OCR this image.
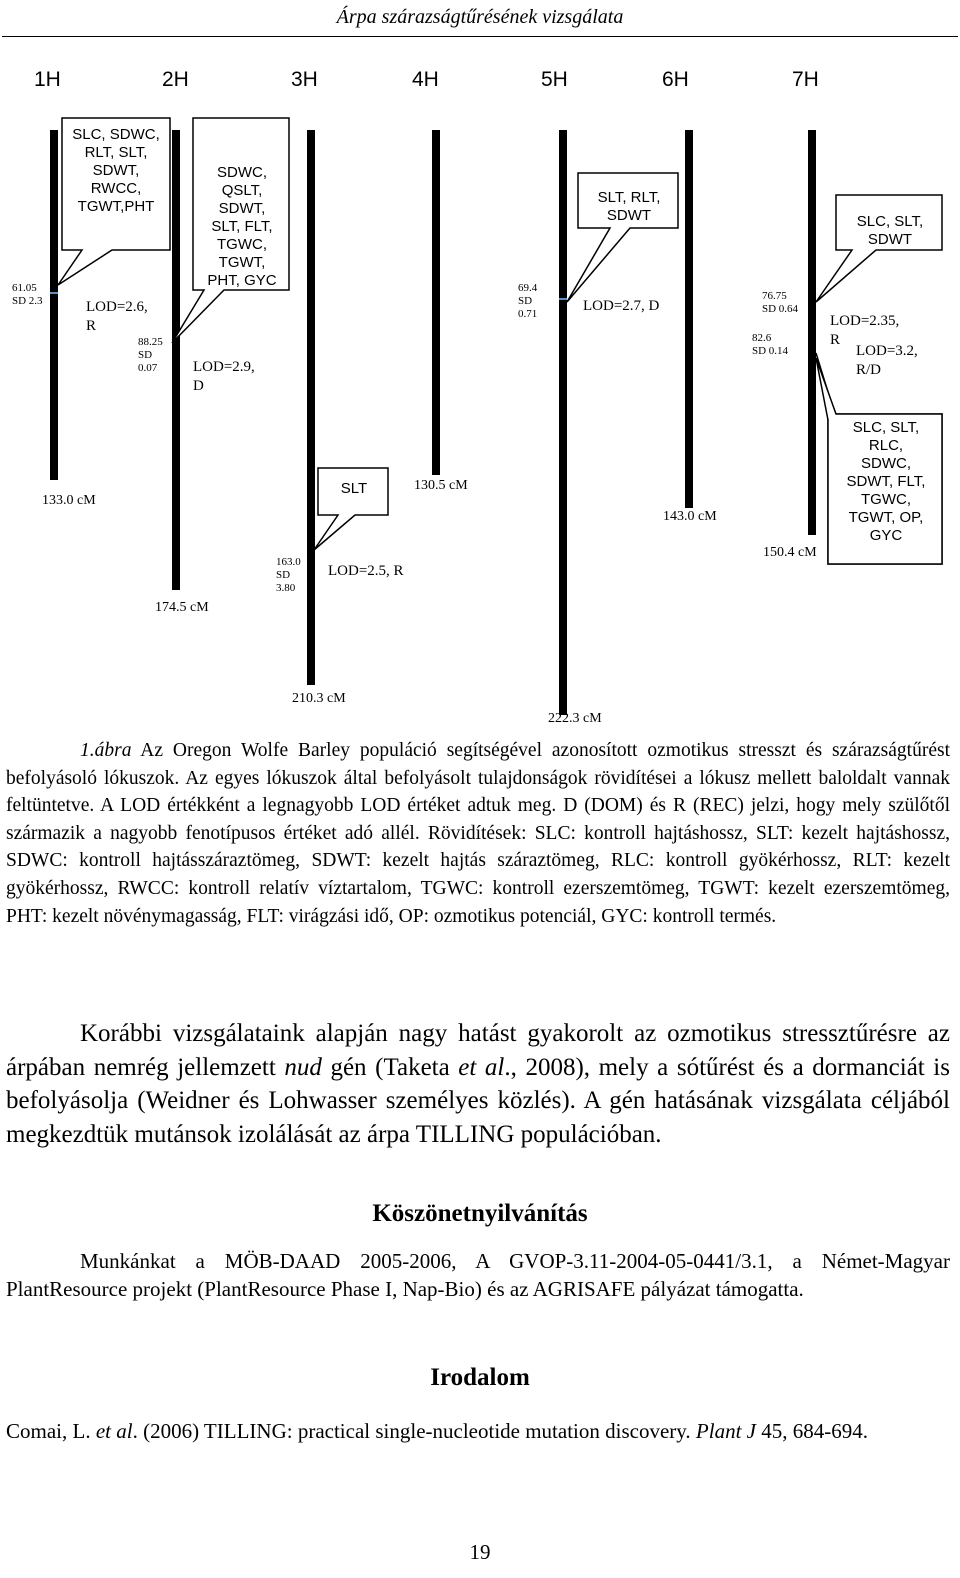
Árpa szárazságtűrésének vizsgálata
1H	2H	3H	4H	5H	6H	7H
SLC, SDWC,
RLT, SLT,
SDWT,
RWCC,
TGWT,PHT
SDWC,
QSLT,
SDWT,
SLT, FLT,
TGWC,
TGWT,
PHT, GYC
SLT
SLT, RLT,
SDWT	SLC, SLT,
SDWT
SLC, SLT,
RLC,
SDWC,
SDWT, FLT,
TGWC,
TGWT, OP,
GYC
LOD=2.6,
R
LOD=2.9,
D
LOD=2.5, R
LOD=2.7, D
LOD=2.35,
R
LOD=3.2,
R/D
61.05
SD 2.3
88.25
SD
0.07
163.0
SD
3.80
69.4
SD
0.71
76.75
SD 0.64
82.6
SD 0.14
133.0 cM
174.5 cM
210.3 cM
130.5 cM
222.3 cM
143.0 cM
150.4 cM
1.ábra Az Oregon Wolfe Barley populáció segítségével azonosított ozmotikus stresszt és szárazságtűrést befolyásoló lókuszok. Az egyes lókuszok által befolyásolt tulajdonságok rövidítései a lókusz mellett baloldalt vannak feltüntetve. A LOD értékként a legnagyobb LOD értéket adtuk meg. D (DOM) és R (REC) jelzi, hogy mely szülőtől származik a nagyobb fenotípusos értéket adó allél. Rövidítések: SLC: kontroll hajtáshossz, SLT: kezelt hajtáshossz, SDWC: kontroll hajtásszáraztömeg, SDWT: kezelt hajtás száraztömeg, RLC: kontroll gyökérhossz, RLT: kezelt gyökérhossz, RWCC: kontroll relatív víztartalom, TGWC: kontroll ezerszemtömeg, TGWT: kezelt ezerszemtömeg, PHT: kezelt növénymagasság, FLT: virágzási idő, OP: ozmotikus potenciál, GYC: kontroll termés.
Korábbi vizsgálataink alapján nagy hatást gyakorolt az ozmotikus stressztűrésre az árpában nemrég jellemzett nud gén (Taketa et al., 2008), mely a sótűrést és a dormanciát is befolyásolja (Weidner és Lohwasser személyes közlés). A gén hatásának vizsgálata céljából megkezdtük mutánsok izolálását az árpa TILLING populációban.
Köszönetnyilvánítás
Munkánkat a MÖB-DAAD 2005-2006, A GVOP-3.11-2004-05-0441/3.1, a Német-Magyar PlantResource projekt (PlantResource Phase I, Nap-Bio) és az AGRISAFE pályázat támogatta.
Irodalom
Comai, L. et al. (2006) TILLING: practical single-nucleotide mutation discovery. Plant J 45, 684-694.
19
